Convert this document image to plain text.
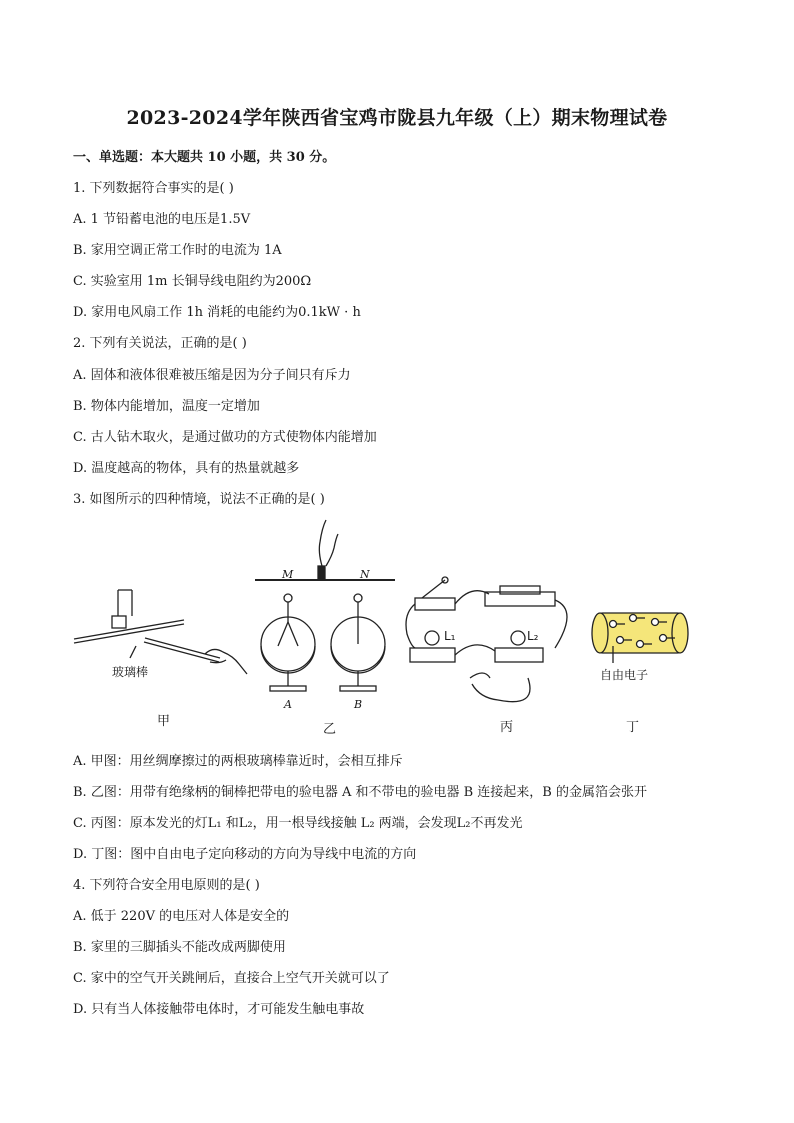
2023-2024学年陕西省宝鸡市陇县九年级（上）期末物理试卷
一、单选题：本大题共 10 小题，共 30 分。
1. 下列数据符合事实的是( )
A. 1 节铅蓄电池的电压是1.5V
B. 家用空调正常工作时的电流为 1A
C. 实验室用 1m 长铜导线电阻约为200Ω
D. 家用电风扇工作 1h 消耗的电能约为0.1kW · h
2. 下列有关说法，正确的是( )
A. 固体和液体很难被压缩是因为分子间只有斥力
B. 物体内能增加，温度一定增加
C. 古人钻木取火，是通过做功的方式使物体内能增加
D. 温度越高的物体，具有的热量就越多
3. 如图所示的四种情境，说法不正确的是( )
玻璃棒
M	N
A	B
L₁	L₂
自由电子
甲
乙	丙	丁
A. 甲图：用丝绸摩擦过的两根玻璃棒靠近时，会相互排斥
B. 乙图：用带有绝缘柄的铜棒把带电的验电器 A 和不带电的验电器 B 连接起来，B 的金属箔会张开
C. 丙图：原本发光的灯L₁ 和L₂，用一根导线接触 L₂ 两端，会发现L₂不再发光
D. 丁图：图中自由电子定向移动的方向为导线中电流的方向
4. 下列符合安全用电原则的是( )
A. 低于 220V 的电压对人体是安全的
B. 家里的三脚插头不能改成两脚使用
C. 家中的空气开关跳闸后，直接合上空气开关就可以了
D. 只有当人体接触带电体时，才可能发生触电事故
